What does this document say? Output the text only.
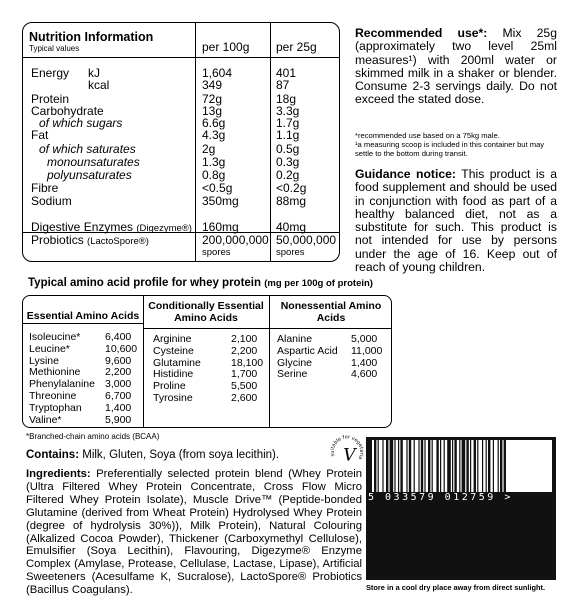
Nutrition Information
Typical values	per 100g per 25g
Energy kJ	1,604	401
kcal	349	87
Protein	72g	18g
Carbohydrate	13g	3.3g
of which sugars	6.6g	1.7g
Fat	4.3g	1.1g
of which saturates	2g	0.5g
monounsaturates	1.3g	0.3g
polyunsaturates	0.8g	0.2g
Fibre	<0.5g	<0.2g
Sodium	350mg	88mg
Digestive Enzymes (Digezyme®) 160mg	40mg
Probiotics (LactoSpore®)	200,000,000 50,000,000
spores	spores
Recommended use*: Mix 25g (approximately two level 25ml measures¹) with 200ml water or skimmed milk in a shaker or blender. Consume 2-3 servings daily. Do not exceed the stated dose.
*recommended use based on a 75kg male.
¹a measuring scoop is included in this container but may settle to the bottom during transit.
Guidance notice: This product is a food supplement and should be used in conjunction with food as part of a healthy balanced diet, not as a substitute for such. This product is not intended for use by persons under the age of 16. Keep out of reach of young children.
Typical amino acid profile for whey protein (mg per 100g of protein)
Essential Amino Acids
Conditionally Essential
Amino Acids
Nonessential Amino
Acids
Isoleucine* 6,400
Leucine*	10,600
Lysine	9,600
Methionine 2,200
Phenylalanine 3,000
Threonine	6,700
Tryptophan 1,400
Valine*	5,900
Arginine	2,100
Cysteine	2,200
Glutamine	18,100
Histidine	1,700
Proline	5,500
Tyrosine	2,600
Alanine	5,000
Aspartic Acid 11,000
Glycine	1,400
Serine	4,600
*Branched-chain amino acids (BCAA)
suitable for vegetaria
V
Contains: Milk, Gluten, Soya (from soya lecithin).
Ingredients: Preferentially selected protein blend (Whey Protein (Ultra Filtered Whey Protein Concentrate, Cross Flow Micro Filtered Whey Protein Isolate), Muscle Drive™ (Peptide-bonded Glutamine (derived from Wheat Protein) Hydrolysed Whey Protein (degree of hydrolysis 30%)), Milk Protein), Natural Colouring (Alkalized Cocoa Powder), Thickener (Carboxymethyl Cellulose), Emulsifier (Soya Lecithin), Flavouring, Digezyme® Enzyme Complex (Amylase, Protease, Cellulase, Lactase, Lipase), Artificial Sweeteners (Acesulfame K, Sucralose), LactoSpore® Probiotics (Bacillus Coagulans).
5 033579 012759 >
Store in a cool dry place away from direct sunlight.
